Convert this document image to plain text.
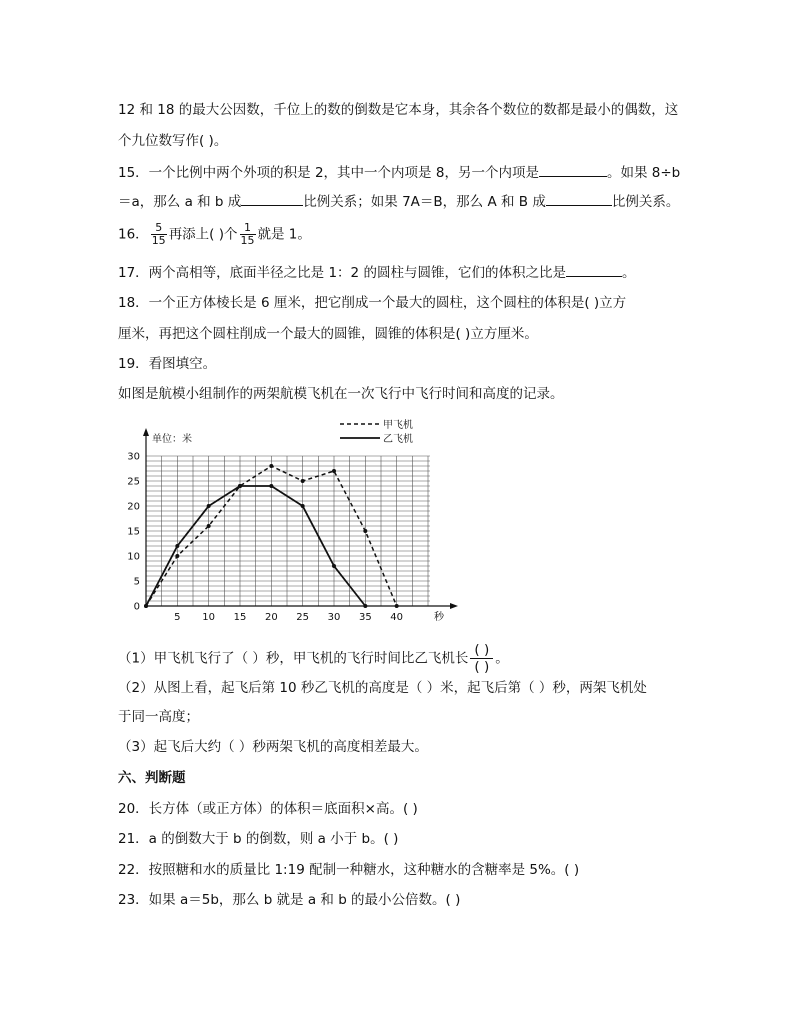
12 和 18 的最大公因数，千位上的数的倒数是它本身，其余各个数位的数都是最小的偶数，这
个九位数写作( )。
15．一个比例中两个外项的积是 2，其中一个内项是 8，另一个内项是	。如果 8÷b
＝a，那么 a 和 b 成	比例关系；如果 7A＝B，那么 A 和 B 成	比例关系。
16． $\frac{5}{15}$ 再添上( )个 $\frac{1}{15}$ 就是 1。
17．两个高相等，底面半径之比是 1：2 的圆柱与圆锥，它们的体积之比是	。
18．一个正方体棱长是 6 厘米，把它削成一个最大的圆柱，这个圆柱的体积是( )立方
厘米，再把这个圆柱削成一个最大的圆锥，圆锥的体积是( )立方厘米。
19．看图填空。
如图是航模小组制作的两架航模飞机在一次飞行中飞行时间和高度的记录。
单位：米
0
5
10
15
20
25
30
5 10 15 20 25 30 35 40	秒
甲飞机
乙飞机
（1）甲飞机飞行了（ ）秒，甲飞机的飞行时间比乙飞机长 $\frac{( )}{( )}$ 。
（2）从图上看，起飞后第 10 秒乙飞机的高度是（ ）米，起飞后第（ ）秒，两架飞机处
于同一高度；
（3）起飞后大约（ ）秒两架飞机的高度相差最大。
六、判断题
20．长方体（或正方体）的体积＝底面积×高。( )
21．a 的倒数大于 b 的倒数，则 a 小于 b。( )
22．按照糖和水的质量比 1:19 配制一种糖水，这种糖水的含糖率是 5%。( )
23．如果 a＝5b，那么 b 就是 a 和 b 的最小公倍数。( )
